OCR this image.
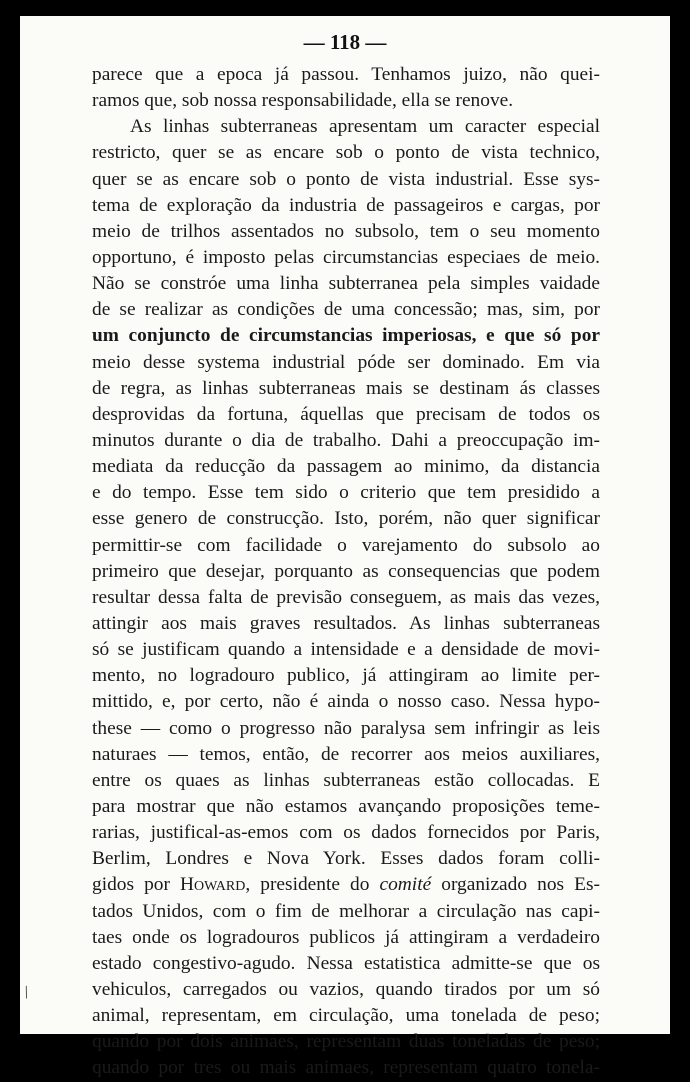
— 118 —
parece que a epoca já passou. Tenhamos juizo, não quei-
ramos que, sob nossa responsabilidade, ella se renove.
As linhas subterraneas apresentam um caracter especial
restricto, quer se as encare sob o ponto de vista technico,
quer se as encare sob o ponto de vista industrial. Esse sys-
tema de exploração da industria de passageiros e cargas, por
meio de trilhos assentados no subsolo, tem o seu momento
opportuno, é imposto pelas circumstancias especiaes de meio.
Não se constróe uma linha subterranea pela simples vaidade
de se realizar as condições de uma concessão; mas, sim, por
um conjuncto de circumstancias imperiosas, e que só por
meio desse systema industrial póde ser dominado. Em via
de regra, as linhas subterraneas mais se destinam ás classes
desprovidas da fortuna, áquellas que precisam de todos os
minutos durante o dia de trabalho. Dahi a preoccupação im-
mediata da reducção da passagem ao minimo, da distancia
e do tempo. Esse tem sido o criterio que tem presidido a
esse genero de construcção. Isto, porém, não quer significar
permittir-se com facilidade o varejamento do subsolo ao
primeiro que desejar, porquanto as consequencias que podem
resultar dessa falta de previsão conseguem, as mais das vezes,
attingir aos mais graves resultados. As linhas subterraneas
só se justificam quando a intensidade e a densidade de movi-
mento, no logradouro publico, já attingiram ao limite per-
mittido, e, por certo, não é ainda o nosso caso. Nessa hypo-
these — como o progresso não paralysa sem infringir as leis
naturaes — temos, então, de recorrer aos meios auxiliares,
entre os quaes as linhas subterraneas estão collocadas. E
para mostrar que não estamos avançando proposições teme-
rarias, justifical-as-emos com os dados fornecidos por Paris,
Berlim, Londres e Nova York. Esses dados foram colli-
gidos por Howard, presidente do comité organizado nos Es-
tados Unidos, com o fim de melhorar a circulação nas capi-
taes onde os logradouros publicos já attingiram a verdadeiro
estado congestivo-agudo. Nessa estatistica admitte-se que os
vehiculos, carregados ou vazios, quando tirados por um só
animal, representam, em circulação, uma tonelada de peso;
quando por dois animaes, representam duas toneladas de peso;
quando por tres ou mais animaes, representam quatro tonela-
/
